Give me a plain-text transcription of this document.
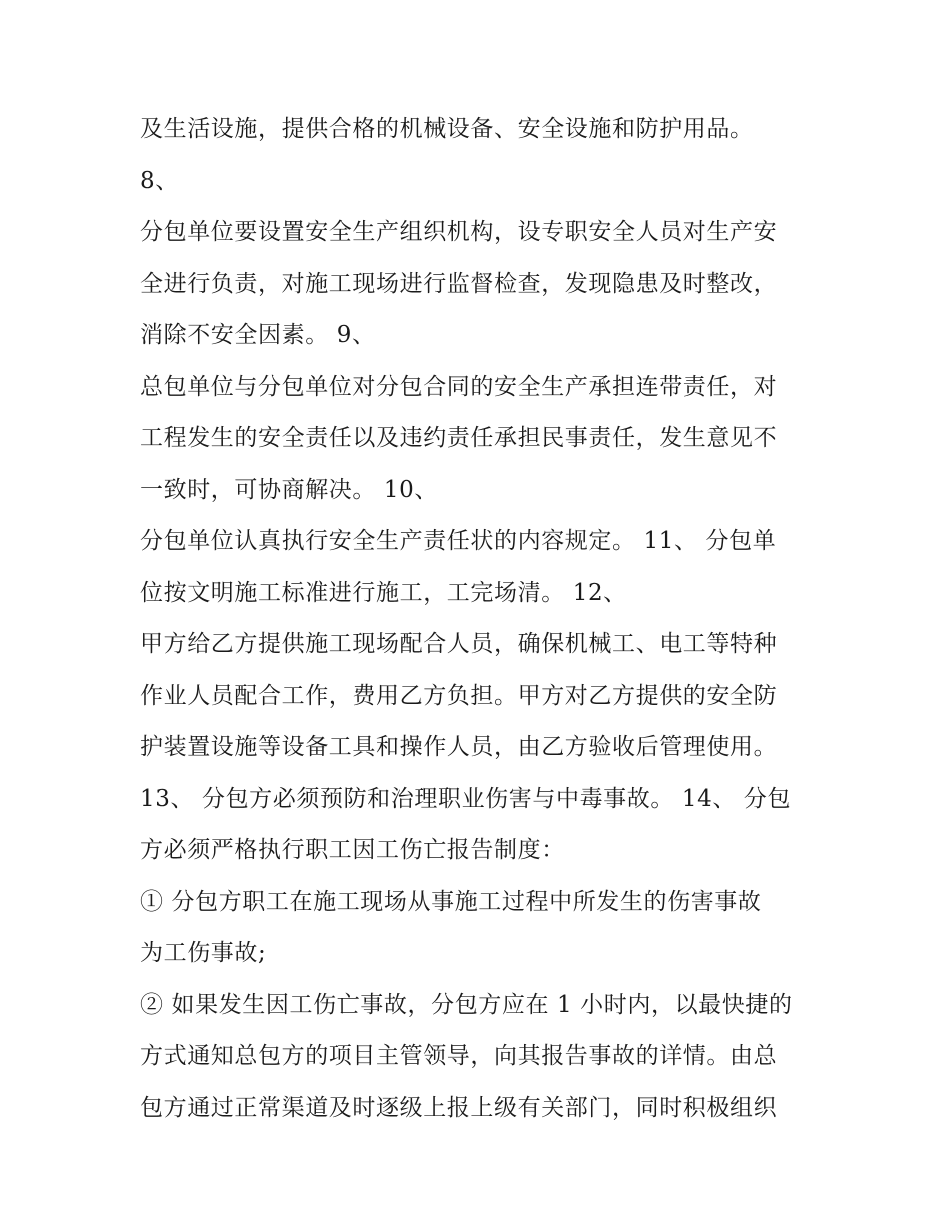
及生活设施，提供合格的机械设备、安全设施和防护用品。
8、
分包单位要设置安全生产组织机构，设专职安全人员对生产安
全进行负责，对施工现场进行监督检查，发现隐患及时整改，
消除不安全因素。 9、
总包单位与分包单位对分包合同的安全生产承担连带责任，对
工程发生的安全责任以及违约责任承担民事责任，发生意见不
一致时，可协商解决。 10、
分包单位认真执行安全生产责任状的内容规定。 11、 分包单
位按文明施工标准进行施工，工完场清。 12、
甲方给乙方提供施工现场配合人员，确保机械工、电工等特种
作业人员配合工作，费用乙方负担。甲方对乙方提供的安全防
护装置设施等设备工具和操作人员，由乙方验收后管理使用。
13、 分包方必须预防和治理职业伤害与中毒事故。 14、 分包
方必须严格执行职工因工伤亡报告制度：
① 分包方职工在施工现场从事施工过程中所发生的伤害事故
为工伤事故;
② 如果发生因工伤亡事故，分包方应在 1 小时内，以最快捷的
方式通知总包方的项目主管领导，向其报告事故的详情。由总
包方通过正常渠道及时逐级上报上级有关部门，同时积极组织
